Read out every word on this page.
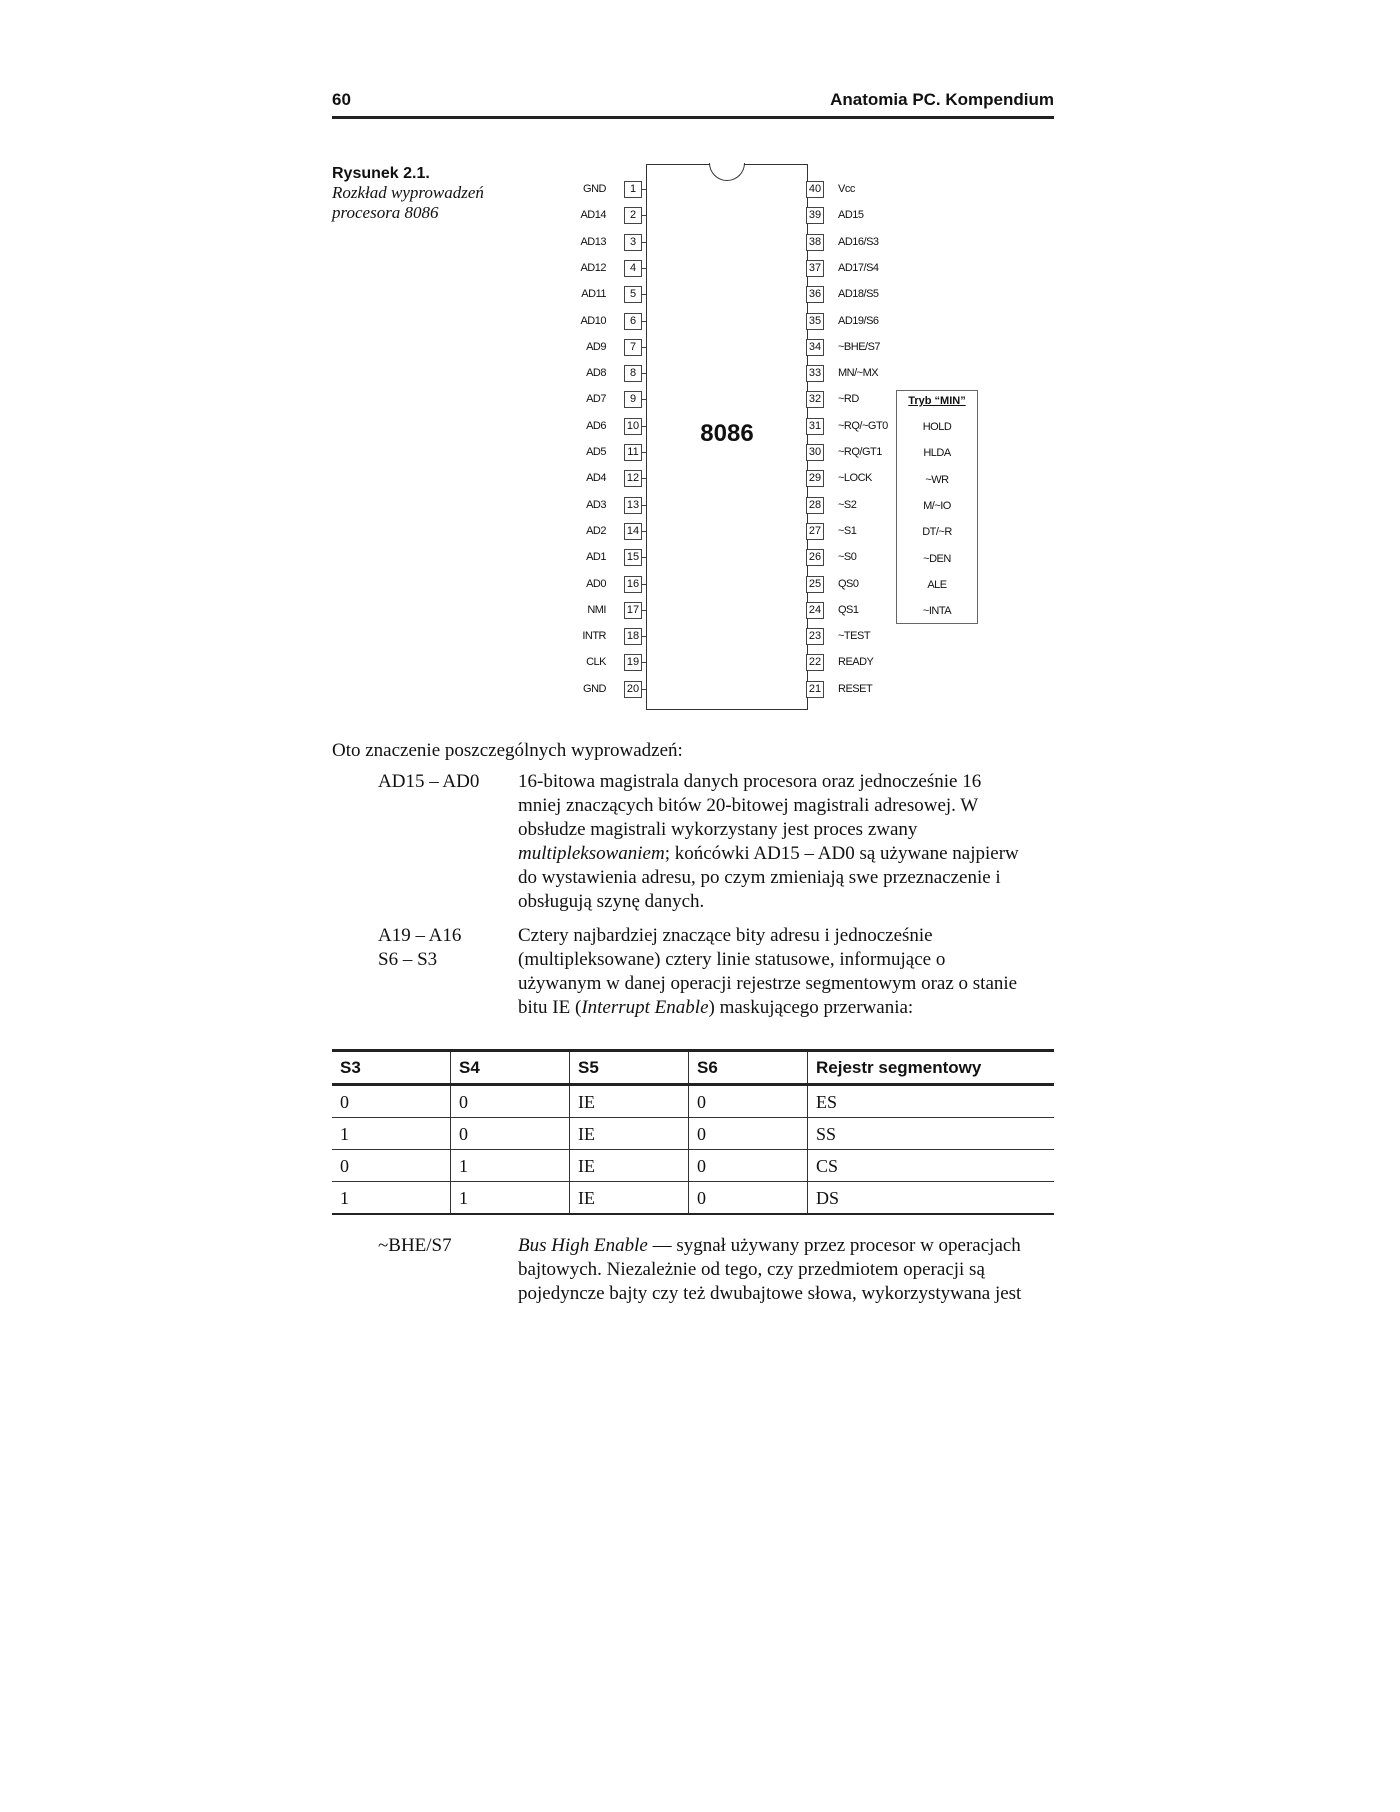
60	Anatomia PC. Kompendium
Rysunek 2.1.
Rozkład wyprowadzeń
procesora 8086
8086
GND	1
AD14	2
AD13	3
AD12	4
AD11	5
AD10	6
AD9	7
AD8	8
AD7	9
AD6 10
AD5 11
AD4 12
AD3 13
AD2 14
AD1 15
AD0 16
NMI 17
INTR 18
CLK 19
GND 20
40 Vcc
39 AD15
38 AD16/S3
37 AD17/S4
36 AD18/S5
35 AD19/S6
34 ~BHE/S7
33 MN/~MX
32 ~RD
31 ~RQ/~GT0
30 ~RQ/GT1
29 ~LOCK
28 ~S2
27 ~S1
26 ~S0
25 QS0
24 QS1
23 ~TEST
22 READY
21 RESET
Tryb “MIN”
HOLD
HLDA
~WR
M/~IO
DT/~R
~DEN
ALE
~INTA
Oto znaczenie poszczególnych wyprowadzeń:
AD15 – AD0 16-bitowa magistrala danych procesora oraz jednocześnie 16 mniej znaczących bitów 20-bitowej magistrali adresowej. W obsłudze magistrali wykorzystany jest proces zwany multipleksowaniem; końcówki AD15 – AD0 są używane najpierw do wystawienia adresu, po czym zmieniają swe przeznaczenie i obsługują szynę danych.

A19 – A16
S6 – S3

Cztery najbardziej znaczące bity adresu i jednocześnie (multipleksowane) cztery linie statusowe, informujące o używanym w danej operacji rejestrze segmentowym oraz o stanie bitu IE (Interrupt Enable) maskującego przerwania:

S3	S4	S5	S6	Rejestr segmentowy
0	0	IE	0	ES
1	0	IE	0	SS
0	1	IE	0	CS
1	1	IE	0	DS
~BHE/S7	Bus High Enable — sygnał używany przez procesor w operacjach bajtowych. Niezależnie od tego, czy przedmiotem operacji są pojedyncze bajty czy też dwubajtowe słowa, wykorzystywana jest
